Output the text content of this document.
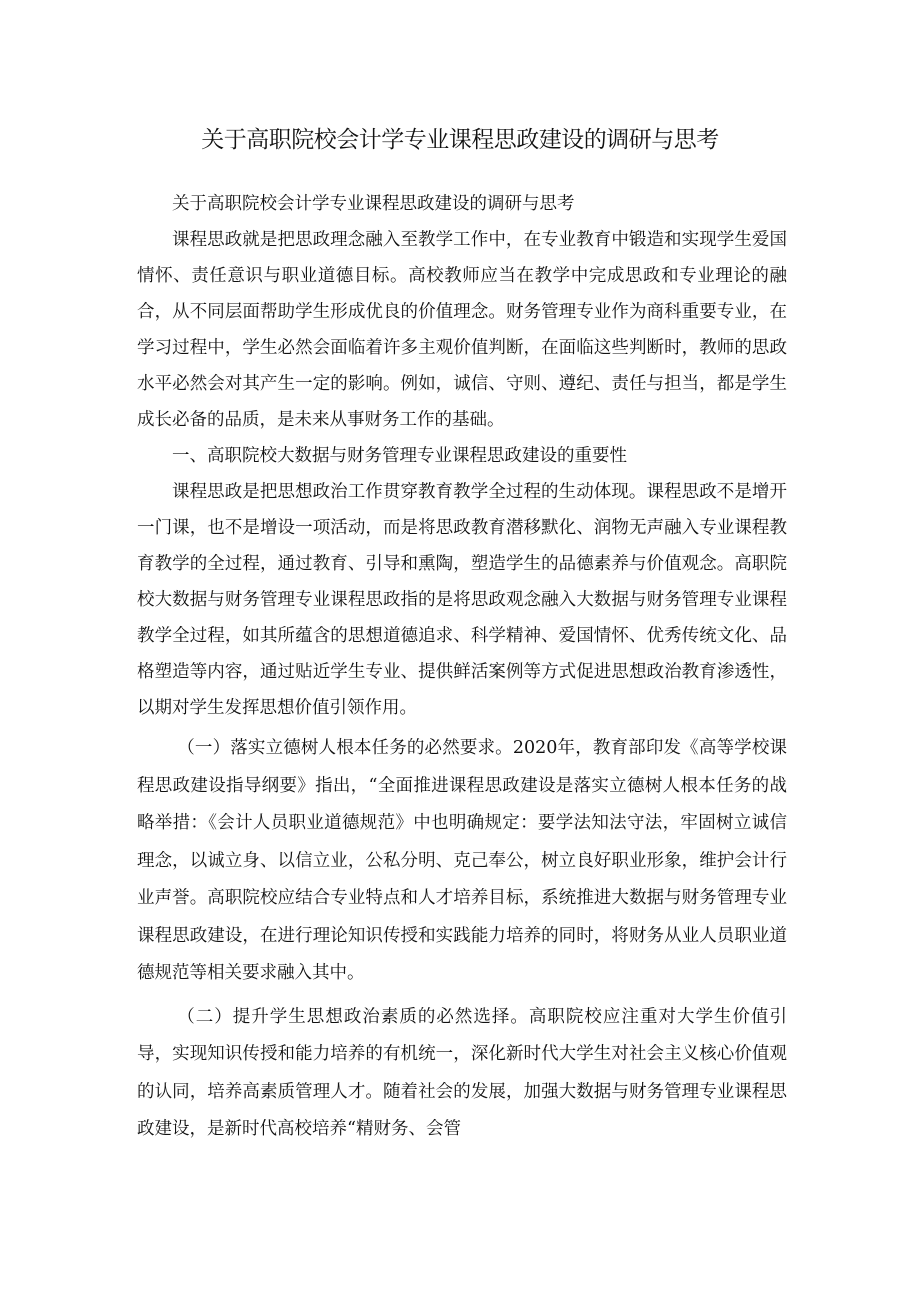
关于高职院校会计学专业课程思政建设的调研与思考

关于高职院校会计学专业课程思政建设的调研与思考

课程思政就是把思政理念融入至教学工作中，在专业教育中锻造和实现学生爱国情怀、责任意识与职业道德目标。高校教师应当在教学中完成思政和专业理论的融合，从不同层面帮助学生形成优良的价值理念。财务管理专业作为商科重要专业，在学习过程中，学生必然会面临着许多主观价值判断，在面临这些判断时，教师的思政水平必然会对其产生一定的影响。例如，诚信、守则、遵纪、责任与担当，都是学生成长必备的品质，是未来从事财务工作的基础。

一、高职院校大数据与财务管理专业课程思政建设的重要性

课程思政是把思想政治工作贯穿教育教学全过程的生动体现。课程思政不是增开一门课，也不是增设一项活动，而是将思政教育潜移默化、润物无声融入专业课程教育教学的全过程，通过教育、引导和熏陶，塑造学生的品德素养与价值观念。高职院校大数据与财务管理专业课程思政指的是将思政观念融入大数据与财务管理专业课程教学全过程，如其所蕴含的思想道德追求、科学精神、爱国情怀、优秀传统文化、品格塑造等内容，通过贴近学生专业、提供鲜活案例等方式促进思想政治教育渗透性，以期对学生发挥思想价值引领作用。

（一）落实立德树人根本任务的必然要求。2020年，教育部印发《高等学校课程思政建设指导纲要》指出，“全面推进课程思政建设是落实立德树人根本任务的战略举措：《会计人员职业道德规范》中也明确规定：要学法知法守法，牢固树立诚信理念，以诚立身、以信立业，公私分明、克己奉公，树立良好职业形象，维护会计行业声誉。高职院校应结合专业特点和人才培养目标，系统推进大数据与财务管理专业课程思政建设，在进行理论知识传授和实践能力培养的同时，将财务从业人员职业道德规范等相关要求融入其中。

（二）提升学生思想政治素质的必然选择。高职院校应注重对大学生价值引导，实现知识传授和能力培养的有机统一，深化新时代大学生对社会主义核心价值观的认同，培养高素质管理人才。随着社会的发展，加强大数据与财务管理专业课程思政建设，是新时代高校培养“精财务、会管
